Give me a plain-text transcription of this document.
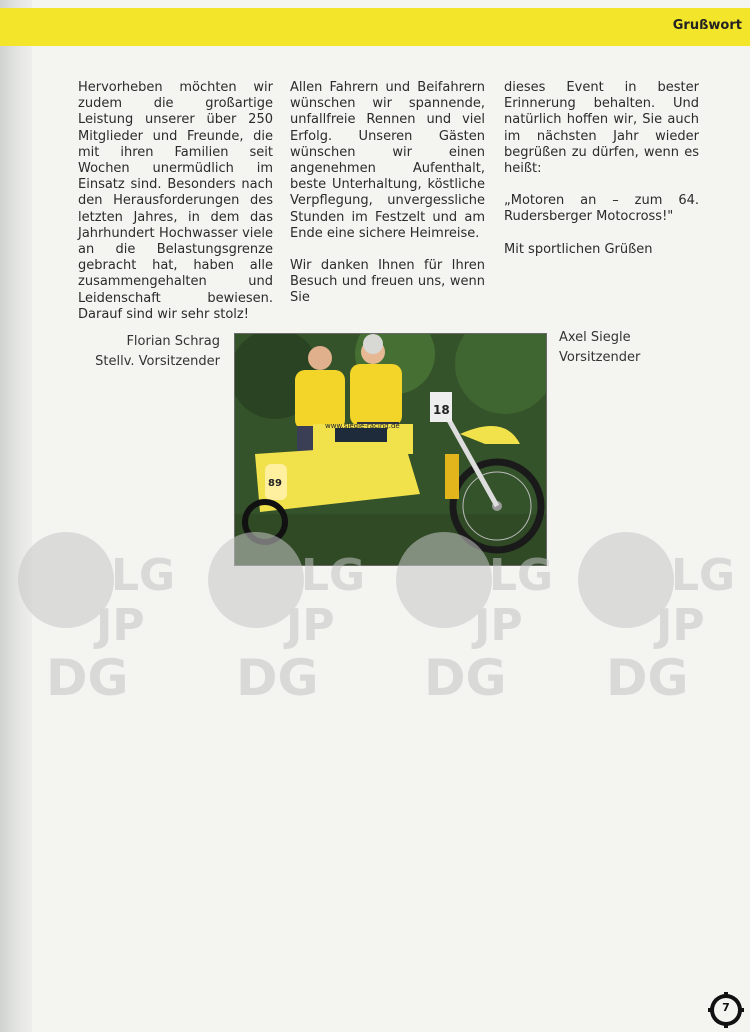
Grußwort

Hervorheben möchten wir zudem die großartige Leistung unserer über 250 Mitglieder und Freunde, die mit ihren Familien seit Wochen unermüdlich im Einsatz sind. Besonders nach den Herausforderungen des letzten Jahres, in dem das Jahrhundert Hochwasser viele an die Belastungsgrenze gebracht hat, haben alle zusammengehalten und Leidenschaft bewiesen. Darauf sind wir sehr stolz!

Allen Fahrern und Beifahrern wünschen wir spannende, unfallfreie Rennen und viel Erfolg. Unseren Gästen wünschen wir einen angenehmen Aufenthalt, beste Unterhaltung, köstliche Verpflegung, unvergessliche Stunden im Festzelt und am Ende eine sichere Heimreise.

Wir danken Ihnen für Ihren Besuch und freuen uns, wenn Sie

dieses Event in bester Erinnerung behalten. Und natürlich hoffen wir, Sie auch im nächsten Jahr wieder begrüßen zu dürfen, wenn es heißt:

„Motoren an – zum 64. Rudersberger Motocross!"

Mit sportlichen Grüßen

Florian Schrag
Stellv. Vorsitzender
Axel Siegle
Vorsitzender
www.siegle-racing.de
89
18
LG
JP
DG
LG
JP
DG
LG
JP
DG
LG
JP
DG
7
